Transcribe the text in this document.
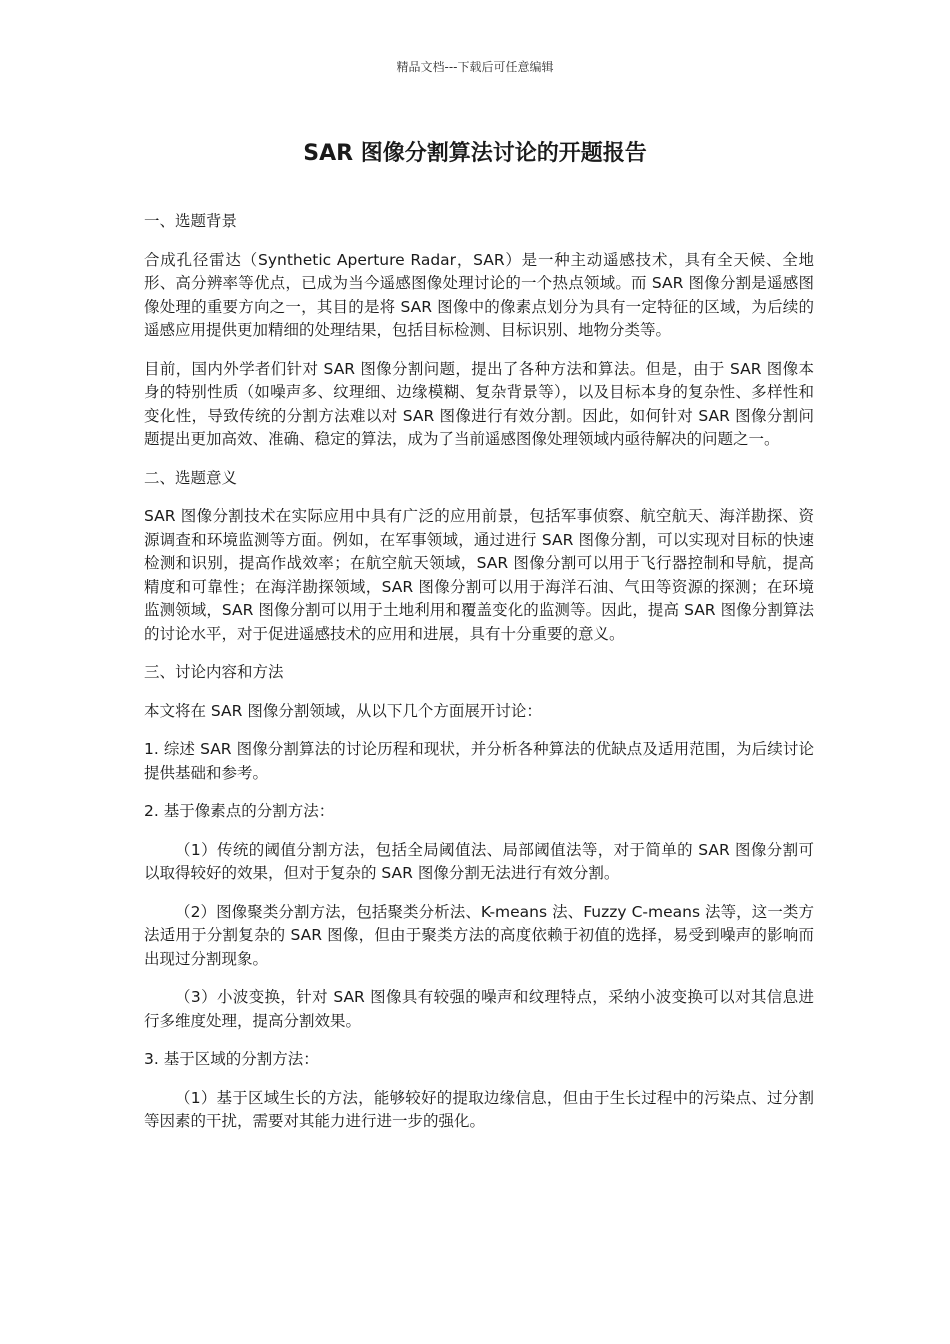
精品文档---下载后可任意编辑
SAR 图像分割算法讨论的开题报告

一、选题背景

合成孔径雷达（Synthetic Aperture Radar，SAR）是一种主动遥感技术，具有全天候、全地形、高分辨率等优点，已成为当今遥感图像处理讨论的一个热点领域。而 SAR 图像分割是遥感图像处理的重要方向之一，其目的是将 SAR 图像中的像素点划分为具有一定特征的区域，为后续的遥感应用提供更加精细的处理结果，包括目标检测、目标识别、地物分类等。

目前，国内外学者们针对 SAR 图像分割问题，提出了各种方法和算法。但是，由于 SAR 图像本身的特别性质（如噪声多、纹理细、边缘模糊、复杂背景等），以及目标本身的复杂性、多样性和变化性，导致传统的分割方法难以对 SAR 图像进行有效分割。因此，如何针对 SAR 图像分割问题提出更加高效、准确、稳定的算法，成为了当前遥感图像处理领域内亟待解决的问题之一。

二、选题意义

SAR 图像分割技术在实际应用中具有广泛的应用前景，包括军事侦察、航空航天、海洋勘探、资源调查和环境监测等方面。例如，在军事领域，通过进行 SAR 图像分割，可以实现对目标的快速检测和识别，提高作战效率；在航空航天领域，SAR 图像分割可以用于飞行器控制和导航，提高精度和可靠性；在海洋勘探领域，SAR 图像分割可以用于海洋石油、气田等资源的探测；在环境监测领域，SAR 图像分割可以用于土地利用和覆盖变化的监测等。因此，提高 SAR 图像分割算法的讨论水平，对于促进遥感技术的应用和进展，具有十分重要的意义。

三、讨论内容和方法

本文将在 SAR 图像分割领域，从以下几个方面展开讨论：

1. 综述 SAR 图像分割算法的讨论历程和现状，并分析各种算法的优缺点及适用范围，为后续讨论提供基础和参考。

2. 基于像素点的分割方法：

（1）传统的阈值分割方法，包括全局阈值法、局部阈值法等，对于简单的 SAR 图像分割可以取得较好的效果，但对于复杂的 SAR 图像分割无法进行有效分割。

（2）图像聚类分割方法，包括聚类分析法、K-means 法、Fuzzy C-means 法等，这一类方法适用于分割复杂的 SAR 图像，但由于聚类方法的高度依赖于初值的选择，易受到噪声的影响而出现过分割现象。

（3）小波变换，针对 SAR 图像具有较强的噪声和纹理特点，采纳小波变换可以对其信息进行多维度处理，提高分割效果。

3. 基于区域的分割方法：

（1）基于区域生长的方法，能够较好的提取边缘信息，但由于生长过程中的污染点、过分割等因素的干扰，需要对其能力进行进一步的强化。
